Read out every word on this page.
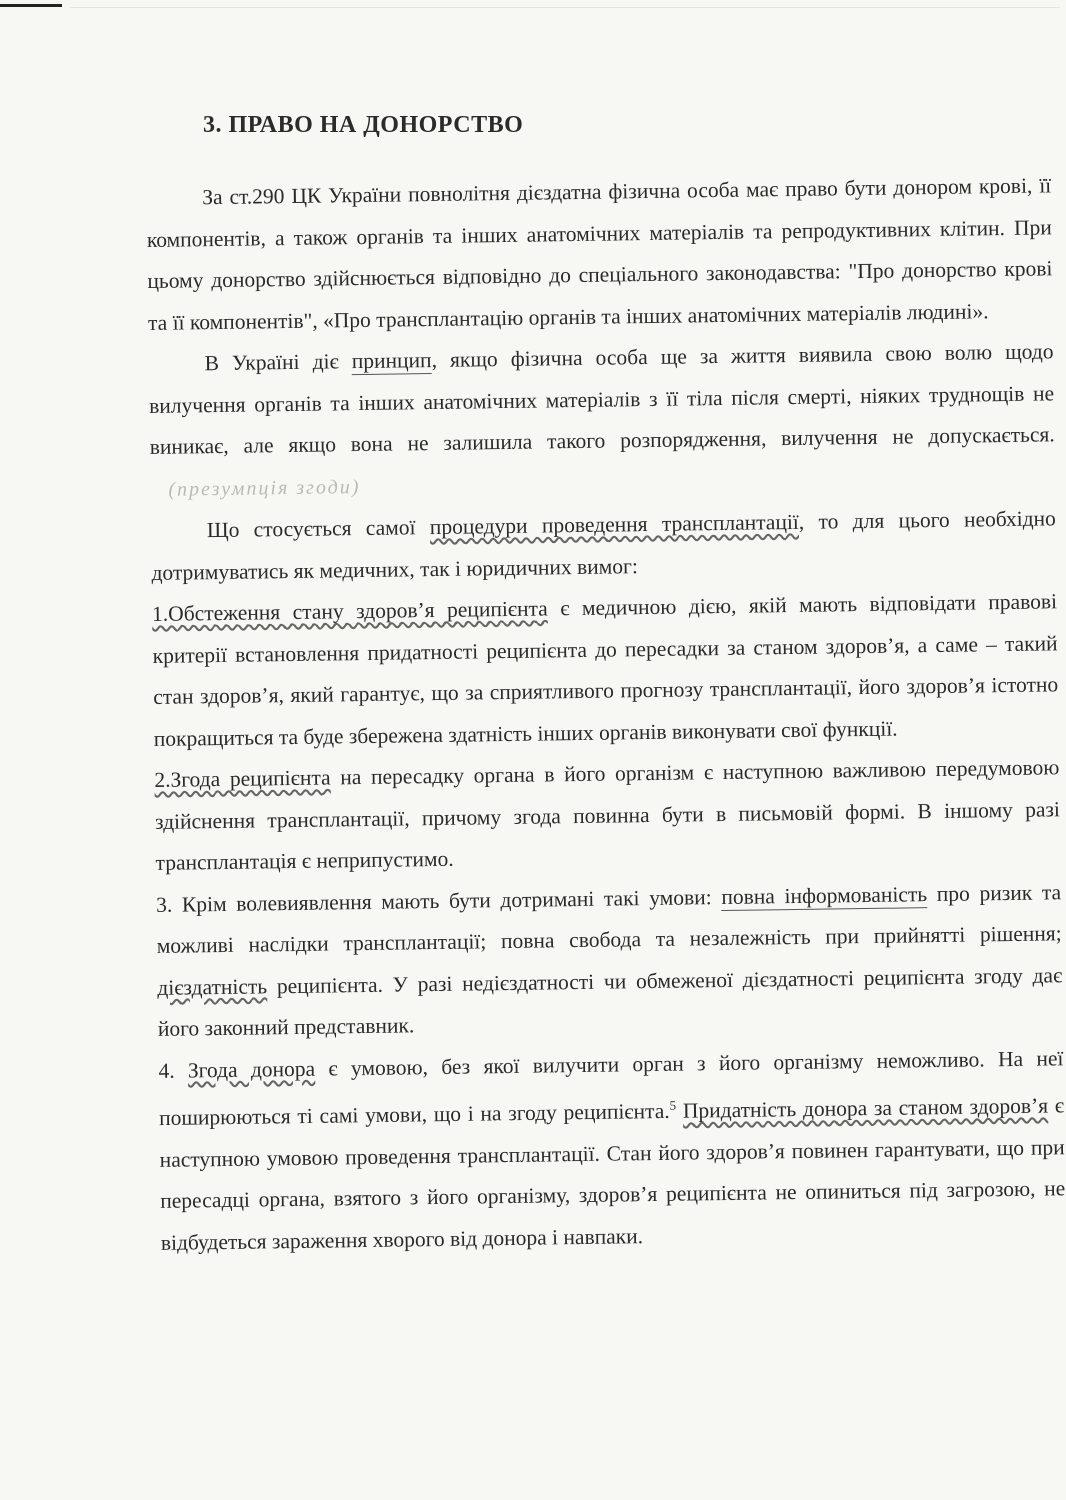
3. ПРАВО НА ДОНОРСТВО

За ст.290 ЦК України повнолітня дієздатна фізична особа має право бути донором крові, її компонентів, а також органів та інших анатомічних матеріалів та репродуктивних клітин. При цьому донорство здійснюється відповідно до спеціального законодавства: "Про донорство крові та її компонентів", «Про трансплантацію органів та інших анатомічних матеріалів людині».

В Україні діє принцип, якщо фізична особа ще за життя виявила свою волю щодо вилучення органів та інших анатомічних матеріалів з її тіла після смерті, ніяких труднощів не виникає, але якщо вона не залишила такого розпорядження, вилучення не допускається.(презумпція згоди)

Що стосується самої процедури проведення трансплантації, то для цього необхідно дотримуватись як медичних, так і юридичних вимог:

1.Обстеження стану здоров’я реципієнта є медичною дією, якій мають відповідати правові критерії встановлення придатності реципієнта до пересадки за станом здоров’я, а саме – такий стан здоров’я, який гарантує, що за сприятливого прогнозу трансплантації, його здоров’я істотно покращиться та буде збережена здатність інших органів виконувати свої функції.

2.Згода реципієнта на пересадку органа в його організм є наступною важливою передумовою здійснення трансплантації, причому згода повинна бути в письмовій формі. В іншому разі трансплантація є неприпустимо.

3. Крім волевиявлення мають бути дотримані такі умови: повна інформованість про ризик та можливі наслідки трансплантації; повна свобода та незалежність при прийнятті рішення; дієздатність реципієнта. У разі недієздатності чи обмеженої дієздатності реципієнта згоду дає його законний представник.

4. Згода донора є умовою, без якої вилучити орган з його організму неможливо. На неї поширюються ті самі умови, що і на згоду реципієнта.$^5$ Придатність донора за станом здоров’я є наступною умовою проведення трансплантації. Стан його здоров’я повинен гарантувати, що при пересадці органа, взятого з його організму, здоров’я реципієнта не опиниться під загрозою, не відбудеться зараження хворого від донора і навпаки.
